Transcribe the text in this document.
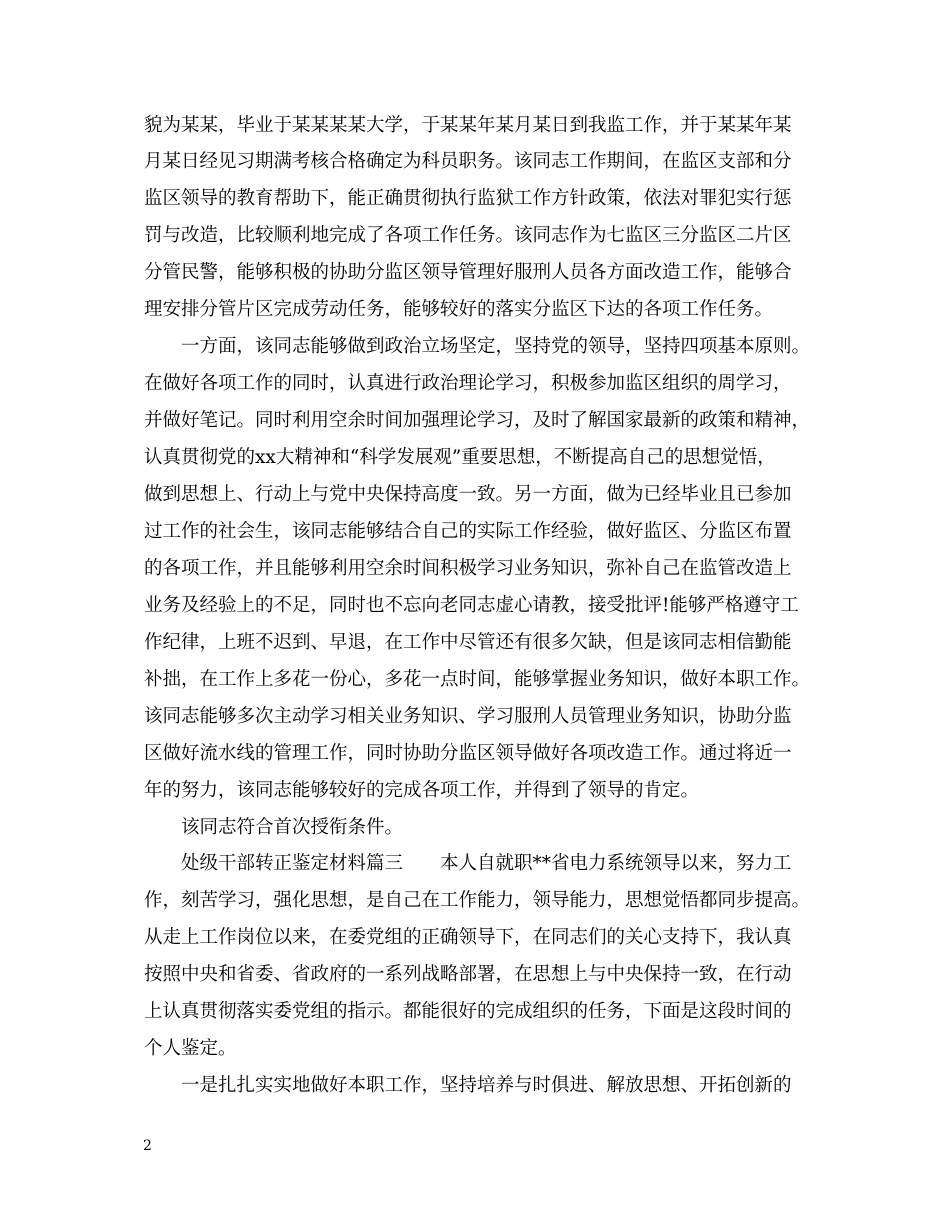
貌为某某，毕业于某某某某大学，于某某年某月某日到我监工作，并于某某年某
月某日经见习期满考核合格确定为科员职务。该同志工作期间，在监区支部和分
监区领导的教育帮助下，能正确贯彻执行监狱工作方针政策，依法对罪犯实行惩
罚与改造，比较顺利地完成了各项工作任务。该同志作为七监区三分监区二片区
分管民警，能够积极的协助分监区领导管理好服刑人员各方面改造工作，能够合
理安排分管片区完成劳动任务，能够较好的落实分监区下达的各项工作任务。
　　一方面，该同志能够做到政治立场坚定，坚持党的领导，坚持四项基本原则。
在做好各项工作的同时，认真进行政治理论学习，积极参加监区组织的周学习，
并做好笔记。同时利用空余时间加强理论学习，及时了解国家最新的政策和精神，
认真贯彻党的xx大精神和“科学发展观”重要思想，不断提高自己的思想觉悟，
做到思想上、行动上与党中央保持高度一致。另一方面，做为已经毕业且已参加
过工作的社会生，该同志能够结合自己的实际工作经验，做好监区、分监区布置
的各项工作，并且能够利用空余时间积极学习业务知识，弥补自己在监管改造上
业务及经验上的不足，同时也不忘向老同志虚心请教，接受批评!能够严格遵守工
作纪律，上班不迟到、早退，在工作中尽管还有很多欠缺，但是该同志相信勤能
补拙，在工作上多花一份心，多花一点时间，能够掌握业务知识，做好本职工作。
该同志能够多次主动学习相关业务知识、学习服刑人员管理业务知识，协助分监
区做好流水线的管理工作，同时协助分监区领导做好各项改造工作。通过将近一
年的努力，该同志能够较好的完成各项工作，并得到了领导的肯定。
　　该同志符合首次授衔条件。
　　处级干部转正鉴定材料篇三　　本人自就职**省电力系统领导以来，努力工
作，刻苦学习，强化思想，是自己在工作能力，领导能力，思想觉悟都同步提高。
从走上工作岗位以来，在委党组的正确领导下，在同志们的关心支持下，我认真
按照中央和省委、省政府的一系列战略部署，在思想上与中央保持一致，在行动
上认真贯彻落实委党组的指示。都能很好的完成组织的任务，下面是这段时间的
个人鉴定。
　　一是扎扎实实地做好本职工作，坚持培养与时俱进、解放思想、开拓创新的
2
